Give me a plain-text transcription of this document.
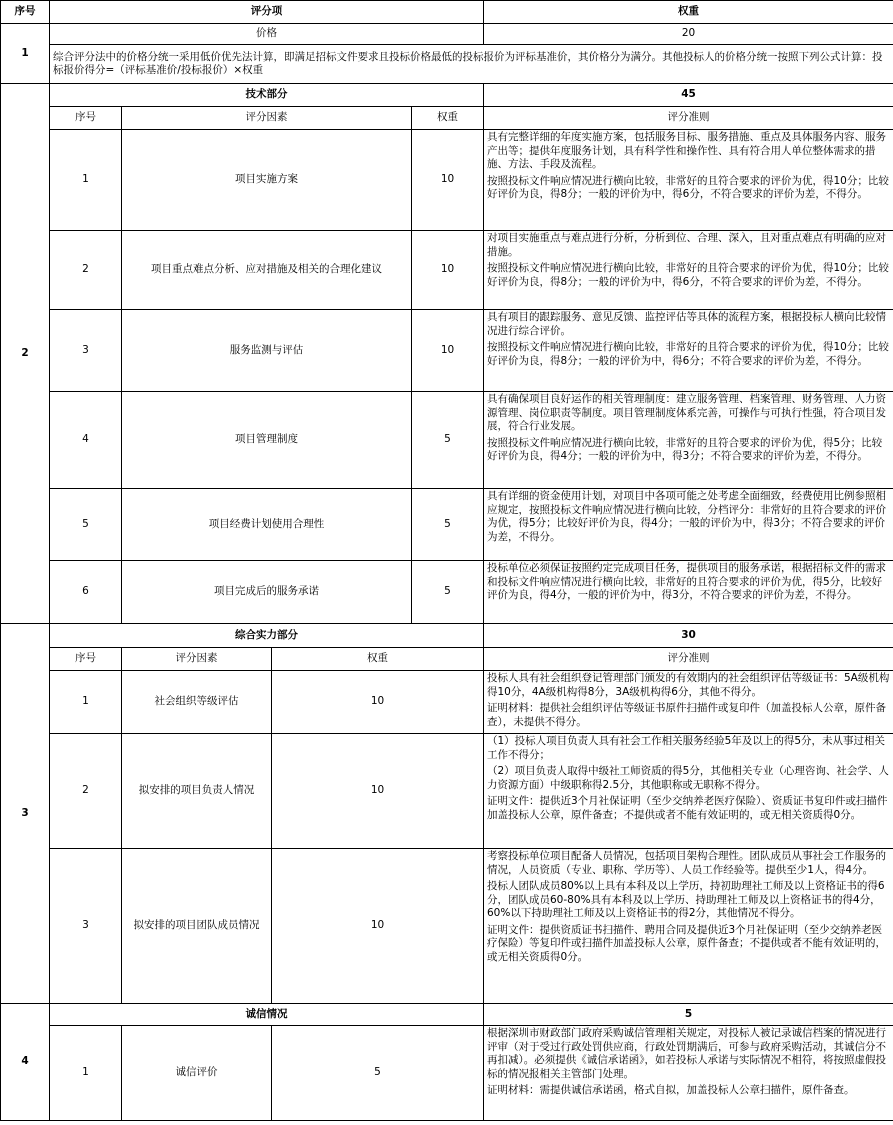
序号	评分项				权重
1	价格				20
	综合评分法中的价格分统一采用低价优先法计算，即满足招标文件要求且投标价格最低的投标报价为评标基准价，其价格分为满分。其他投标人的价格分统一按照下列公式计算：投标报价得分=（评标基准价/投标报价）×权重				
2	技术部分				45
	序号	评分因素		权重	评分准则
	1	项目实施方案		10	具有完整详细的年度实施方案，包括服务目标、服务措施、重点及具体服务内容、服务产出等；提供年度服务计划，具有科学性和操作性、具有符合用人单位整体需求的措施、方法、手段及流程。

按照投标文件响应情况进行横向比较，非常好的且符合要求的评价为优，得10分；比较好评价为良，得8分；一般的评价为中，得6分，不符合要求的评价为差，不得分。

	2	项目重点难点分析、应对措施及相关的合理化建议		10	对项目实施重点与难点进行分析，分析到位、合理、深入，且对重点难点有明确的应对措施。

按照投标文件响应情况进行横向比较，非常好的且符合要求的评价为优，得10分；比较好评价为良，得8分；一般的评价为中，得6分，不符合要求的评价为差，不得分。

	3	服务监测与评估		10	具有项目的跟踪服务、意见反馈、监控评估等具体的流程方案，根据投标人横向比较情况进行综合评价。

按照投标文件响应情况进行横向比较，非常好的且符合要求的评价为优，得10分；比较好评价为良，得8分；一般的评价为中，得6分；不符合要求的评价为差，不得分。

	4	项目管理制度		5	具有确保项目良好运作的相关管理制度：建立服务管理、档案管理、财务管理、人力资源管理、岗位职责等制度。项目管理制度体系完善，可操作与可执行性强，符合项目发展，符合行业发展。

按照投标文件响应情况进行横向比较，非常好的且符合要求的评价为优，得5分；比较好评价为良，得4分；一般的评价为中，得3分；不符合要求的评价为差，不得分。

	5	项目经费计划使用合理性		5	具有详细的资金使用计划，对项目中各项可能之处考虑全面细致，经费使用比例参照相应规定，按照投标文件响应情况进行横向比较，分档评分：非常好的且符合要求的评价为优，得5分；比较好评价为良，得4分；一般的评价为中，得3分；不符合要求的评价为差，不得分。

	6	项目完成后的服务承诺		5	投标单位必须保证按照约定完成项目任务，提供项目的服务承诺，根据招标文件的需求和投标文件响应情况进行横向比较，非常好的且符合要求的评价为优，得5分，比较好评价为良，得4分，一般的评价为中，得3分，不符合要求的评价为差，不得分。

3	综合实力部分				30
	序号	评分因素	权重		评分准则
	1	社会组织等级评估	10		投标人具有社会组织登记管理部门颁发的有效期内的社会组织评估等级证书：5A级机构得10分，4A级机构得8分，3A级机构得6分，其他不得分。

证明材料：提供社会组织评估等级证书原件扫描件或复印件（加盖投标人公章，原件备查），未提供不得分。

	2	拟安排的项目负责人情况	10		（1）投标人项目负责人具有社会工作相关服务经验5年及以上的得5分，未从事过相关工作不得分；

（2）项目负责人取得中级社工师资质的得5分，其他相关专业（心理咨询、社会学、人力资源方面）中级职称得2.5分，其他职称或无职称不得分。

证明文件：提供近3个月社保证明（至少交纳养老医疗保险）、资质证书复印件或扫描件加盖投标人公章，原件备查；不提供或者不能有效证明的，或无相关资质得0分。

	3	拟安排的项目团队成员情况	10		考察投标单位项目配备人员情况，包括项目架构合理性。团队成员从事社会工作服务的情况，人员资质（专业、职称、学历等）、人员工作经验等。提供至少1人，得4分。

投标人团队成员80%以上具有本科及以上学历，持初助理社工师及以上资格证书的得6分，团队成员60-80%具有本科及以上学历、持助理社工师及以上资格证书的得4分，60%以下持助理社工师及以上资格证书的得2分，其他情况不得分。

证明文件：提供资质证书扫描件、聘用合同及提供近3个月社保证明（至少交纳养老医疗保险）等复印件或扫描件加盖投标人公章，原件备查；不提供或者不能有效证明的，或无相关资质得0分。

4	诚信情况				5
	1	诚信评价	5		根据深圳市财政部门政府采购诚信管理相关规定，对投标人被记录诚信档案的情况进行评审（对于受过行政处罚供应商，行政处罚期满后，可参与政府采购活动，其诚信分不再扣减）。必须提供《诚信承诺函》，如若投标人承诺与实际情况不相符，将按照虚假投标的情况报相关主管部门处理。

证明材料：需提供诚信承诺函，格式自拟，加盖投标人公章扫描件，原件备查。
